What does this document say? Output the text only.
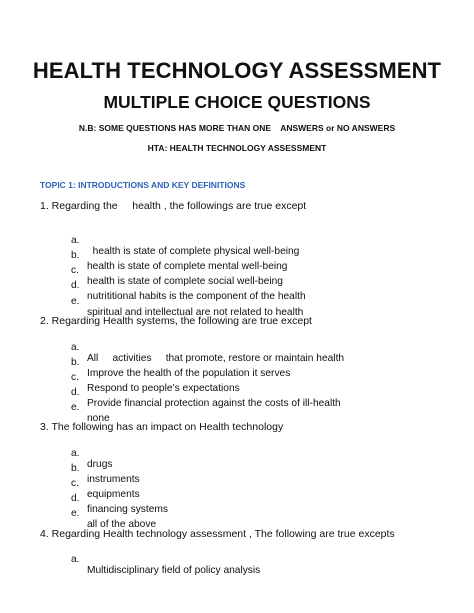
HEALTH TECHNOLOGY ASSESSMENT
MULTIPLE CHOICE QUESTIONS
N.B: SOME QUESTIONS HAS MORE THAN ONE    ANSWERS or NO ANSWERS
HTA: HEALTH TECHNOLOGY ASSESSMENT
TOPIC 1: INTRODUCTIONS AND KEY DEFINITIONS
1. Regarding the     health , the followings are true except

a.

health is state of complete physical well-being

b.

health is state of complete mental well-being

c.

health is state of complete social well-being

d.

nutrititional habits is the component of the health

e.

spiritual and intellectual are not related to health

2. Regarding Health systems, the following are true except

a.

All     activities     that promote, restore or maintain health

b.

Improve the health of the population it serves

c.

Respond to people’s expectations

d.

Provide financial protection against the costs of ill-health

e.

none

3. The following has an impact on Health technology

a.

drugs

b.

instruments

c.

equipments

d.

financing systems

e.

all of the above

4. Regarding Health technology assessment , The following are true excepts

a.

Multidisciplinary field of policy analysis
